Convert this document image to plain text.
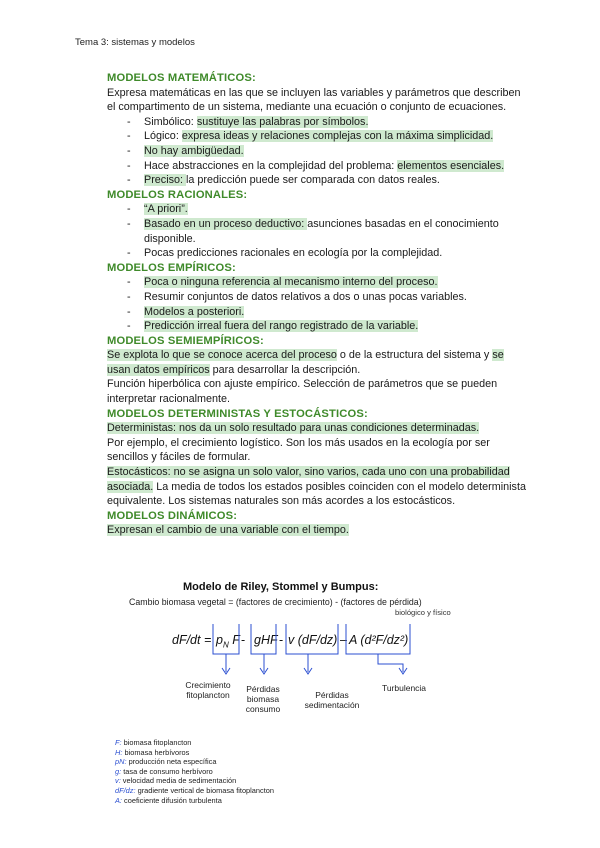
Tema 3: sistemas y modelos
MODELOS MATEMÁTICOS:

Expresa matemáticas en las que se incluyen las variables y parámetros que describen el compartimento de un sistema, mediante una ecuación o conjunto de ecuaciones.

- Simbólico: sustituye las palabras por símbolos.
- Lógico: expresa ideas y relaciones complejas con la máxima simplicidad.
- No hay ambigüedad.
- Hace abstracciones en la complejidad del problema: elementos esenciales.
- Preciso: la predicción puede ser comparada con datos reales.
MODELOS RACIONALES:
- “A priori”.
- Basado en un proceso deductivo: asunciones basadas en el conocimiento disponible.
- Pocas predicciones racionales en ecología por la complejidad.
MODELOS EMPÍRICOS:
- Poca o ninguna referencia al mecanismo interno del proceso.
- Resumir conjuntos de datos relativos a dos o unas pocas variables.
- Modelos a posteriori.
- Predicción irreal fuera del rango registrado de la variable.
MODELOS SEMIEMPÍRICOS:

Se explota lo que se conoce acerca del proceso o de la estructura del sistema y se usan datos empíricos para desarrollar la descripción.

Función hiperbólica con ajuste empírico. Selección de parámetros que se pueden interpretar racionalmente.

MODELOS DETERMINISTAS Y ESTOCÁSTICOS:

Deterministas: nos da un solo resultado para unas condiciones determinadas.

Por ejemplo, el crecimiento logístico. Son los más usados en la ecología por ser sencillos y fáciles de formular.

Estocásticos: no se asigna un solo valor, sino varios, cada uno con una probabilidad asociada. La media de todos los estados posibles coinciden con el modelo determinista equivalente. Los sistemas naturales son más acordes a los estocásticos.

MODELOS DINÁMICOS:

Expresan el cambio de una variable con el tiempo.

Modelo de Riley, Stommel y Bumpus:
Cambio biomasa vegetal = (factores de crecimiento) - (factores de pérdida)
biológico y físico
$dF/dt = p_N$ F - gHF - v (dF/dz) – A (d²F/dz²)
Crecimiento fitoplancton
Pérdidas biomasa consumo
Pérdidas sedimentación
Turbulencia
F: biomasa fitoplancton
H: biomasa herbívoros
pN: producción neta específica
g: tasa de consumo herbívoro
v: velocidad media de sedimentación
dF/dz: gradiente vertical de biomasa fitoplancton
A: coeficiente difusión turbulenta
